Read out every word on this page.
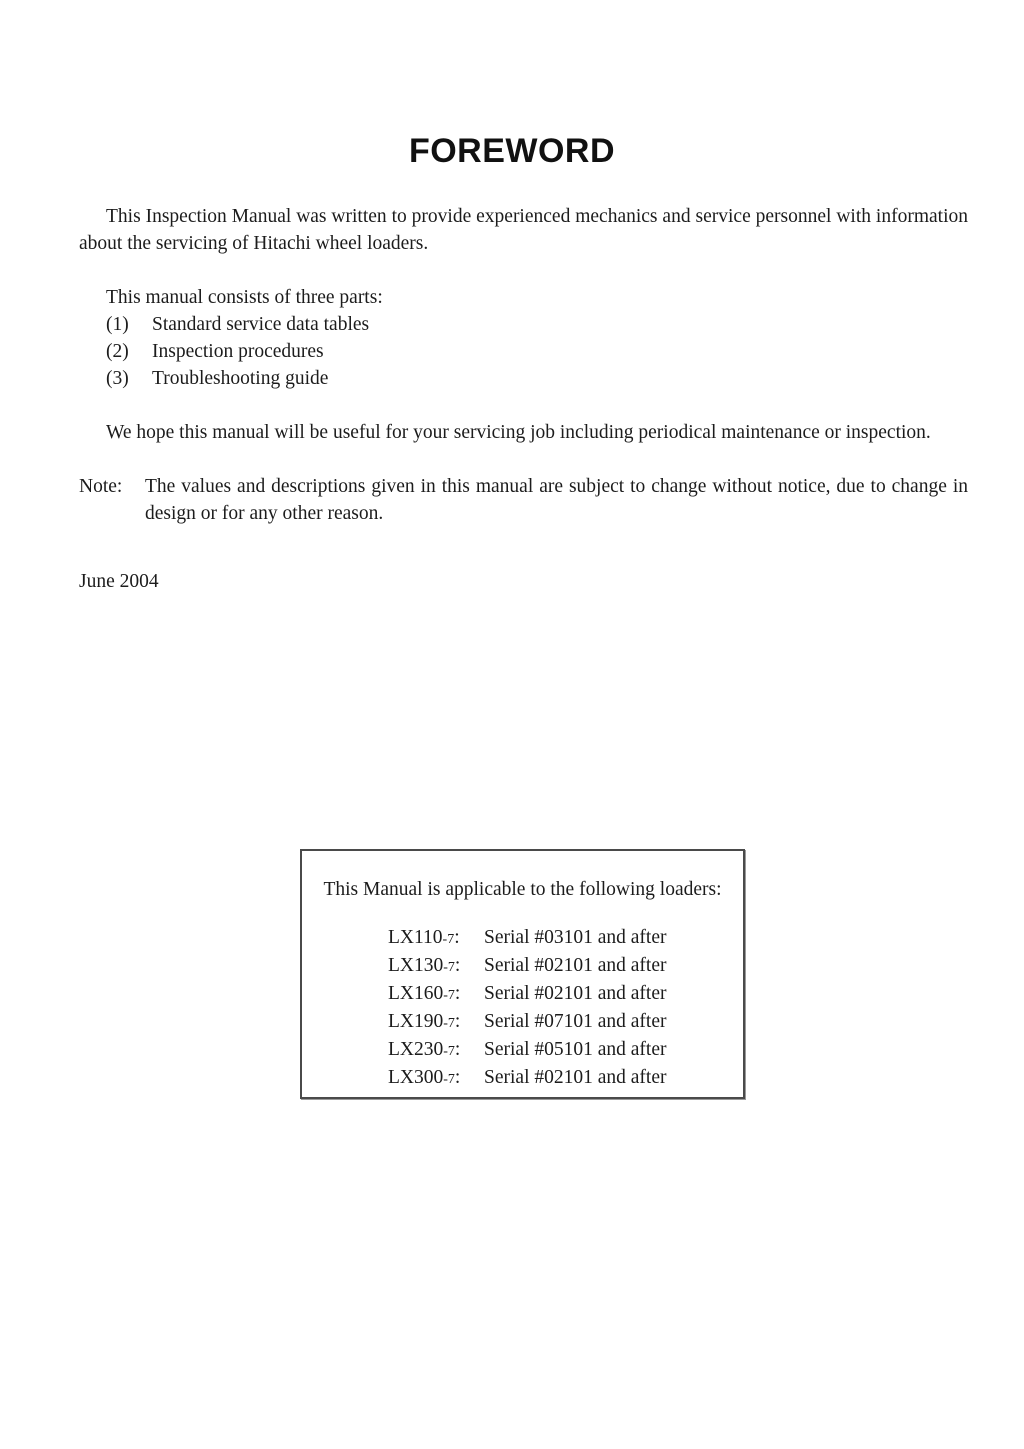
FOREWORD

This Inspection Manual was written to provide experienced mechanics and service personnel with information about the servicing of Hitachi wheel loaders.

This manual consists of three parts:

(1)	Standard service data tables
(2)	Inspection procedures
(3)	Troubleshooting guide

We hope this manual will be useful for your servicing job including periodical maintenance or inspection.

Note:	The values and descriptions given in this manual are subject to change without notice, due to change in design or for any other reason.

June 2004

This Manual is applicable to the following loaders:
LX110-7:	Serial #03101 and after
LX130-7:	Serial #02101 and after
LX160-7:	Serial #02101 and after
LX190-7:	Serial #07101 and after
LX230-7:	Serial #05101 and after
LX300-7:	Serial #02101 and after
